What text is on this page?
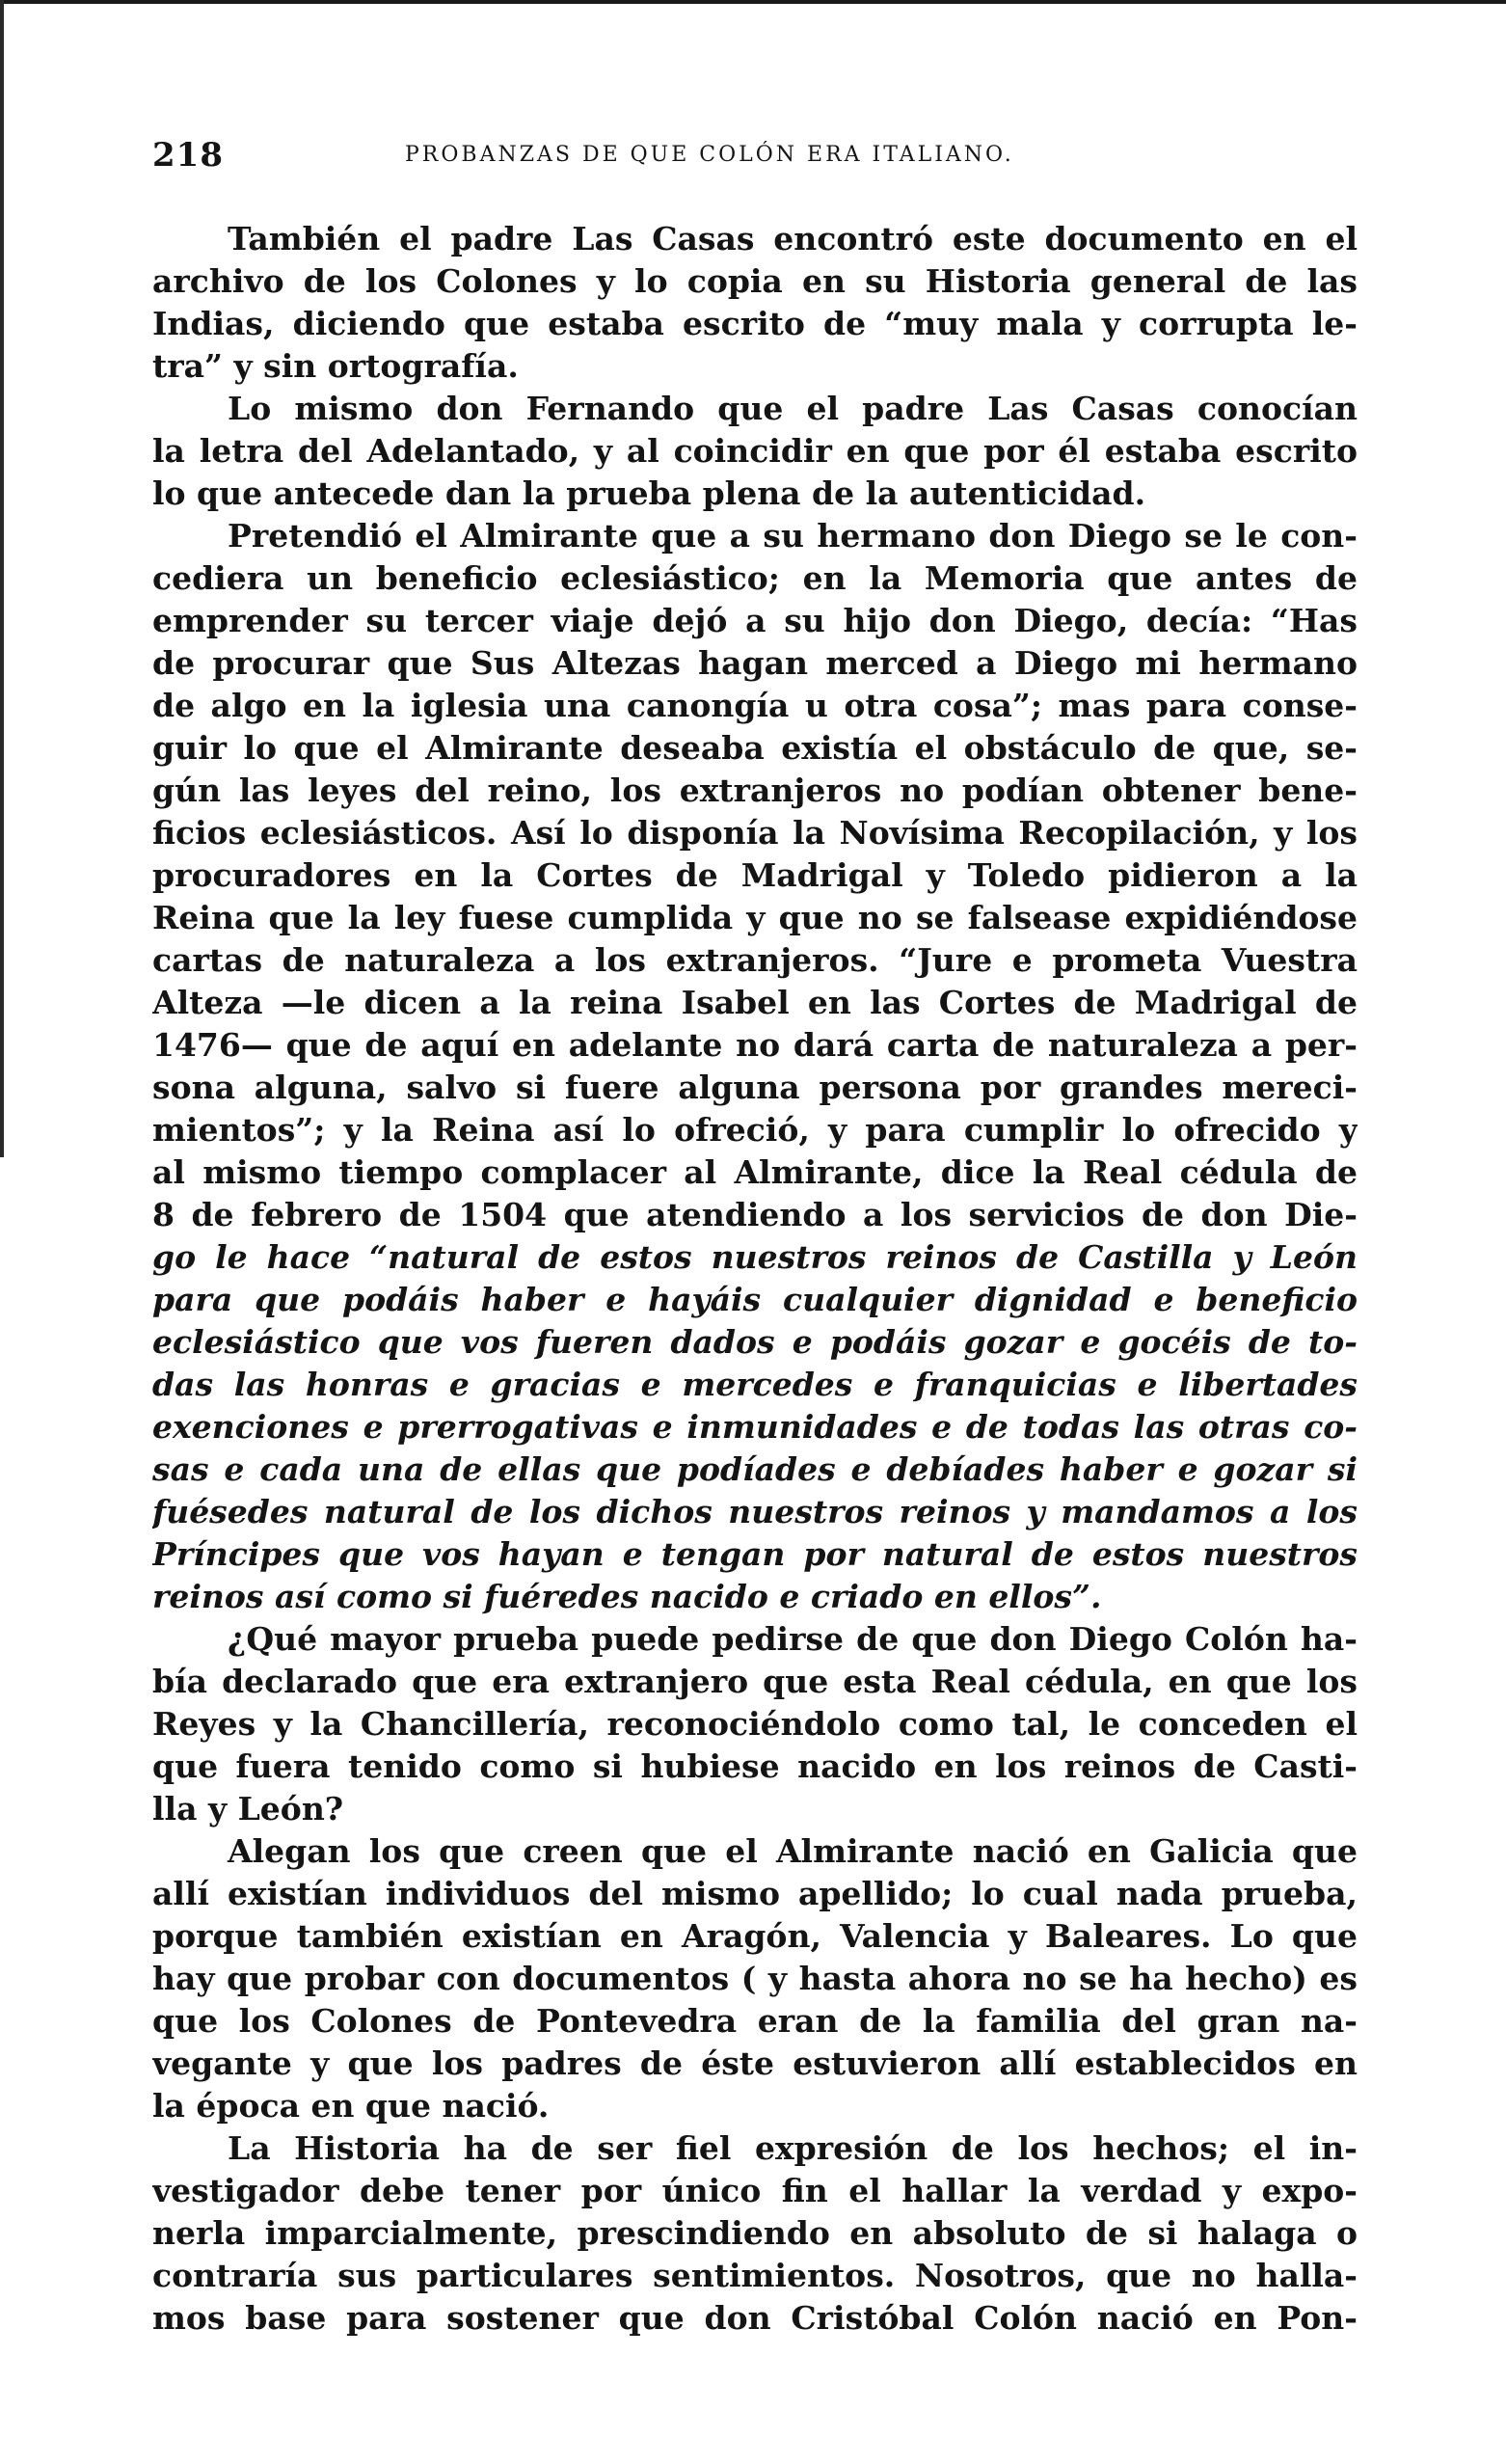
218	PROBANZAS DE QUE COLÓN ERA ITALIANO.
También el padre Las Casas encontró este documento en el
archivo de los Colones y lo copia en su Historia general de las
Indias, diciendo que estaba escrito de “muy mala y corrupta le-
tra” y sin ortografía.
Lo mismo don Fernando que el padre Las Casas conocían
la letra del Adelantado, y al coincidir en que por él estaba escrito
lo que antecede dan la prueba plena de la autenticidad.
Pretendió el Almirante que a su hermano don Diego se le con-
cediera un beneficio eclesiástico; en la Memoria que antes de
emprender su tercer viaje dejó a su hijo don Diego, decía: “Has
de procurar que Sus Altezas hagan merced a Diego mi hermano
de algo en la iglesia una canongía u otra cosa”; mas para conse-
guir lo que el Almirante deseaba existía el obstáculo de que, se-
gún las leyes del reino, los extranjeros no podían obtener bene-
ficios eclesiásticos. Así lo disponía la Novísima Recopilación, y los
procuradores en la Cortes de Madrigal y Toledo pidieron a la
Reina que la ley fuese cumplida y que no se falsease expidiéndose
cartas de naturaleza a los extranjeros. “Jure e prometa Vuestra
Alteza —le dicen a la reina Isabel en las Cortes de Madrigal de
1476— que de aquí en adelante no dará carta de naturaleza a per-
sona alguna, salvo si fuere alguna persona por grandes mereci-
mientos”; y la Reina así lo ofreció, y para cumplir lo ofrecido y
al mismo tiempo complacer al Almirante, dice la Real cédula de
8 de febrero de 1504 que atendiendo a los servicios de don Die-
go le hace “natural de estos nuestros reinos de Castilla y León
para que podáis haber e hayáis cualquier dignidad e beneficio
eclesiástico que vos fueren dados e podáis gozar e gocéis de to-
das las honras e gracias e mercedes e franquicias e libertades
exenciones e prerrogativas e inmunidades e de todas las otras co-
sas e cada una de ellas que podíades e debíades haber e gozar si
fuésedes natural de los dichos nuestros reinos y mandamos a los
Príncipes que vos hayan e tengan por natural de estos nuestros
reinos así como si fuéredes nacido e criado en ellos”.
¿Qué mayor prueba puede pedirse de que don Diego Colón ha-
bía declarado que era extranjero que esta Real cédula, en que los
Reyes y la Chancillería, reconociéndolo como tal, le conceden el
que fuera tenido como si hubiese nacido en los reinos de Casti-
lla y León?
Alegan los que creen que el Almirante nació en Galicia que
allí existían individuos del mismo apellido; lo cual nada prueba,
porque también existían en Aragón, Valencia y Baleares. Lo que
hay que probar con documentos ( y hasta ahora no se ha hecho) es
que los Colones de Pontevedra eran de la familia del gran na-
vegante y que los padres de éste estuvieron allí establecidos en
la época en que nació.
La Historia ha de ser fiel expresión de los hechos; el in-
vestigador debe tener por único fin el hallar la verdad y expo-
nerla imparcialmente, prescindiendo en absoluto de si halaga o
contraría sus particulares sentimientos. Nosotros, que no halla-
mos base para sostener que don Cristóbal Colón nació en Pon-
